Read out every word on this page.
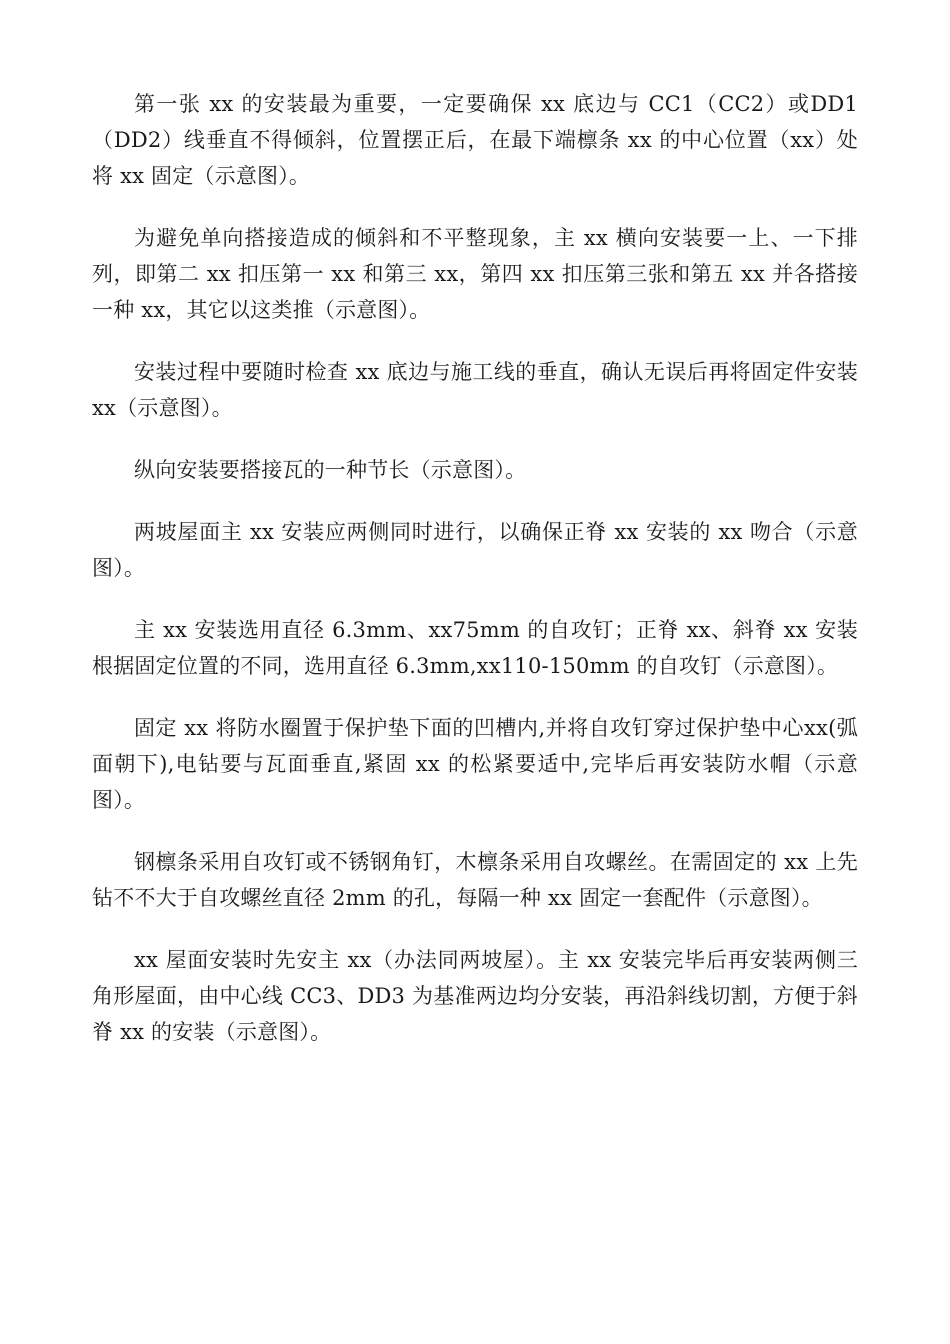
第一张 xx 的安装最为重要，一定要确保 xx 底边与 CC1（CC2）或DD1（DD2）线垂直不得倾斜，位置摆正后，在最下端檩条 xx 的中心位置（xx）处将 xx 固定（示意图）。

为避免单向搭接造成的倾斜和不平整现象，主 xx 横向安装要一上、一下排列，即第二 xx 扣压第一 xx 和第三 xx，第四 xx 扣压第三张和第五 xx 并各搭接一种 xx，其它以这类推（示意图）。

安装过程中要随时检查 xx 底边与施工线的垂直，确认无误后再将固定件安装 xx（示意图）。

纵向安装要搭接瓦的一种节长（示意图）。

两坡屋面主 xx 安装应两侧同时进行，以确保正脊 xx 安装的 xx 吻合（示意图）。

主 xx 安装选用直径 6.3mm、xx75mm 的自攻钉；正脊 xx、斜脊 xx 安装根据固定位置的不同，选用直径 6.3mm,xx110-150mm 的自攻钉（示意图）。

固定 xx 将防水圈置于保护垫下面的凹槽内,并将自攻钉穿过保护垫中心xx(弧面朝下),电钻要与瓦面垂直,紧固 xx 的松紧要适中,完毕后再安装防水帽（示意图）。

钢檩条采用自攻钉或不锈钢角钉，木檩条采用自攻螺丝。在需固定的 xx 上先钻不不大于自攻螺丝直径 2mm 的孔，每隔一种 xx 固定一套配件（示意图）。

xx 屋面安装时先安主 xx（办法同两坡屋）。主 xx 安装完毕后再安装两侧三角形屋面，由中心线 CC3、DD3 为基准两边均分安装，再沿斜线切割，方便于斜脊 xx 的安装（示意图）。
